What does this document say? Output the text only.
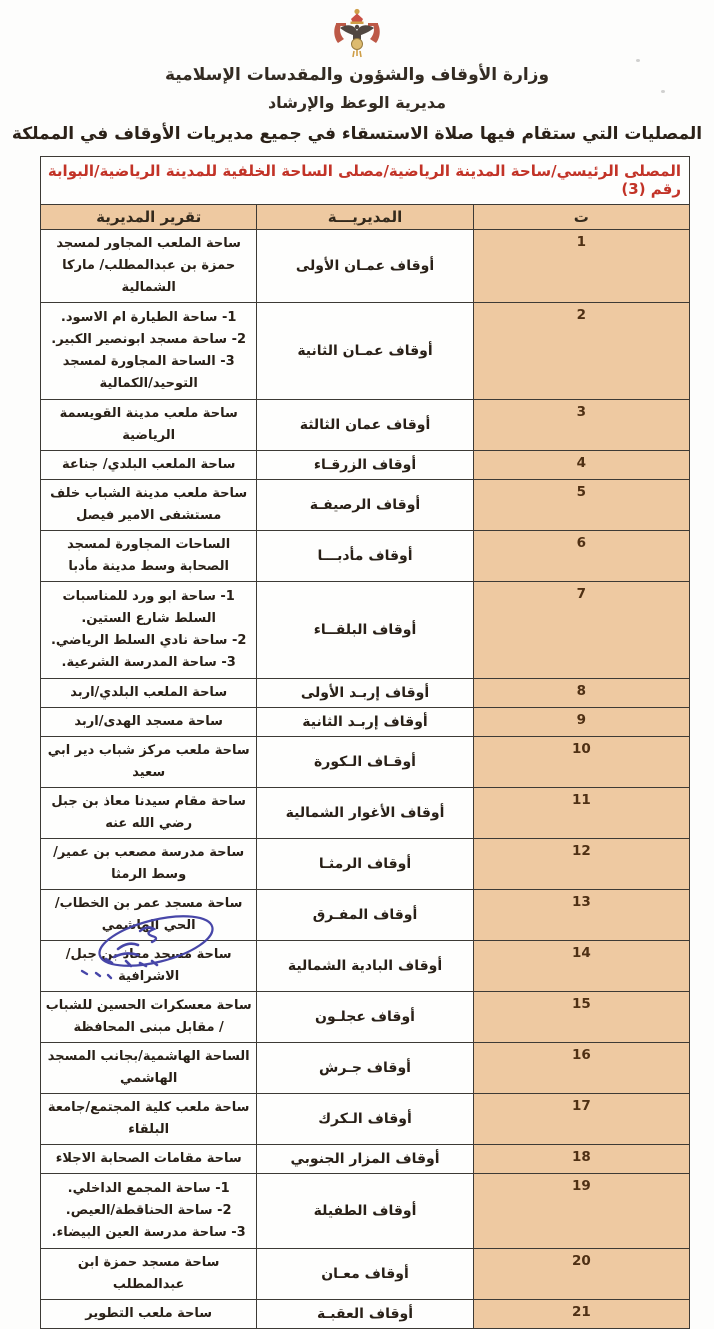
وزارة الأوقاف والشؤون والمقدسات الإسلامية
مديرية الوعظ والإرشاد
المصليات التي ستقام فيها صلاة الاستسقاء في جميع مديريات الأوقاف في المملكة
المصلى الرئيسي/ساحة المدينة الرياضية/مصلى الساحة الخلفية للمدينة الرياضية/البوابة رقم (3)		
ت	المديريـــة	تقرير المديرية
1	أوقاف عمـان الأولى	ساحة الملعب المجاور لمسجد حمزة بن عبدالمطلب/ ماركا الشمالية

2	أوقاف عمـان الثانية	1- ساحة الطيارة ام الاسود.
2- ساحة مسجد ابونصير الكبير.
3- الساحة المجاورة لمسجد التوحيد/الكمالية

3	أوقاف عمان الثالثة	ساحة ملعب مدينة القويسمة الرياضية

4	أوقاف الزرقـاء	ساحة الملعب البلدي/ جناعة

5	أوقاف الرصيفـة	ساحة ملعب مدينة الشباب خلف مستشفى الامير فيصل

6	أوقاف مأدبـــا	الساحات المجاورة لمسجد الصحابة وسط مدينة مأدبا

7	أوقاف البلقــاء	1- ساحة ابو ورد للمناسبات السلط شارع الستين.
2- ساحة نادي السلط الرياضي.
3- ساحة المدرسة الشرعية.

8	أوقاف إربـد الأولى	ساحة الملعب البلدي/اربد

9	أوقاف إربـد الثانية	ساحة مسجد الهدى/اربد

10	أوقـاف الـكورة	ساحة ملعب مركز شباب دير ابي سعيد

11	أوقاف الأغوار الشمالية	ساحة مقام سيدنا معاذ بن جبل رضي الله عنه

12	أوقاف الرمثـا	ساحة مدرسة مصعب بن عمير/وسط الرمثا

13	أوقاف المفـرق	ساحة مسجد عمر بن الخطاب/الحي الهاشمي

14	أوقاف البادية الشمالية	ساحة مسجد معاذ بن جبل/الاشرافية

15	أوقاف عجلـون	ساحة معسكرات الحسين للشباب / مقابل مبنى المحافظة

16	أوقاف جـرش	الساحة الهاشمية/بجانب المسجد الهاشمي

17	أوقاف الـكرك	ساحة ملعب كلية المجتمع/جامعة البلقاء

18	أوقاف المزار الجنوبي	ساحة مقامات الصحابة الاجلاء

19	أوقاف الطفيلة	1- ساحة المجمع الداخلي.
2- ساحة الحناقطة/العيص.
3- ساحة مدرسة العين البيضاء.

20	أوقاف معـان	ساحة مسجد حمزة ابن عبدالمطلب

21	أوقاف العقبـة	ساحة ملعب التطوير
